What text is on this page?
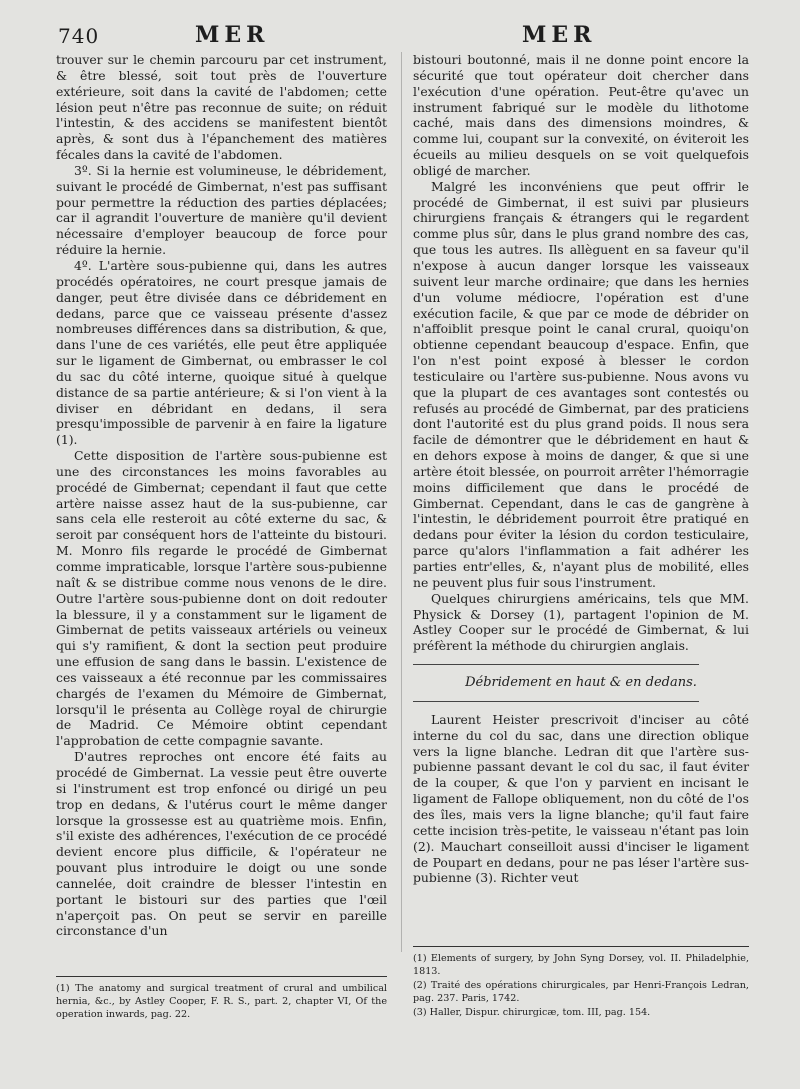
740	MER	MER

trouver sur le chemin parcouru par cet instrument, & être blessé, soit tout près de l'ouverture extérieure, soit dans la cavité de l'abdomen; cette lésion peut n'être pas reconnue de suite; on réduit l'intestin, & des accidens se manifestent bientôt après, & sont dus à l'épanchement des matières fécales dans la cavité de l'abdomen.

3º. Si la hernie est volumineuse, le débridement, suivant le procédé de Gimbernat, n'est pas suffisant pour permettre la réduction des parties déplacées; car il agrandit l'ouverture de manière qu'il devient nécessaire d'employer beaucoup de force pour réduire la hernie.

4º. L'artère sous-pubienne qui, dans les autres procédés opératoires, ne court presque jamais de danger, peut être divisée dans ce débridement en dedans, parce que ce vaisseau présente d'assez nombreuses différences dans sa distribution, & que, dans l'une de ces variétés, elle peut être appliquée sur le ligament de Gimbernat, ou embrasser le col du sac du côté interne, quoique situé à quelque distance de sa partie antérieure; & si l'on vient à la diviser en débridant en dedans, il sera presqu'impossible de parvenir à en faire la ligature (1).

Cette disposition de l'artère sous-pubienne est une des circonstances les moins favorables au procédé de Gimbernat; cependant il faut que cette artère naisse assez haut de la sus-pubienne, car sans cela elle resteroit au côté externe du sac, & seroit par conséquent hors de l'atteinte du bistouri. M. Monro fils regarde le procédé de Gimbernat comme impraticable, lorsque l'artère sous-pubienne naît & se distribue comme nous venons de le dire. Outre l'artère sous-pubienne dont on doit redouter la blessure, il y a constamment sur le ligament de Gimbernat de petits vaisseaux artériels ou veineux qui s'y ramifient, & dont la section peut produire une effusion de sang dans le bassin. L'existence de ces vaisseaux a été reconnue par les commissaires chargés de l'examen du Mémoire de Gimbernat, lorsqu'il le présenta au Collège royal de chirurgie de Madrid. Ce Mémoire obtint cependant l'approbation de cette compagnie savante.

D'autres reproches ont encore été faits au procédé de Gimbernat. La vessie peut être ouverte si l'instrument est trop enfoncé ou dirigé un peu trop en dedans, & l'utérus court le même danger lorsque la grossesse est au quatrième mois. Enfin, s'il existe des adhérences, l'exécution de ce procédé devient encore plus difficile, & l'opérateur ne pouvant plus introduire le doigt ou une sonde cannelée, doit craindre de blesser l'intestin en portant le bistouri sur des parties que l'œil n'aperçoit pas. On peut se servir en pareille circonstance d'un

bistouri boutonné, mais il ne donne point encore la sécurité que tout opérateur doit chercher dans l'exécution d'une opération. Peut-être qu'avec un instrument fabriqué sur le modèle du lithotome caché, mais dans des dimensions moindres, & comme lui, coupant sur la convexité, on éviteroit les écueils au milieu desquels on se voit quelquefois obligé de marcher.

Malgré les inconvéniens que peut offrir le procédé de Gimbernat, il est suivi par plusieurs chirurgiens français & étrangers qui le regardent comme plus sûr, dans le plus grand nombre des cas, que tous les autres. Ils allèguent en sa faveur qu'il n'expose à aucun danger lorsque les vaisseaux suivent leur marche ordinaire; que dans les hernies d'un volume médiocre, l'opération est d'une exécution facile, & que par ce mode de débrider on n'affoiblit presque point le canal crural, quoiqu'on obtienne cependant beaucoup d'espace. Enfin, que l'on n'est point exposé à blesser le cordon testiculaire ou l'artère sus-pubienne. Nous avons vu que la plupart de ces avantages sont contestés ou refusés au procédé de Gimbernat, par des praticiens dont l'autorité est du plus grand poids. Il nous sera facile de démontrer que le débridement en haut & en dehors expose à moins de danger, & que si une artère étoit blessée, on pourroit arrêter l'hémorragie moins difficilement que dans le procédé de Gimbernat. Cependant, dans le cas de gangrène à l'intestin, le débridement pourroit être pratiqué en dedans pour éviter la lésion du cordon testiculaire, parce qu'alors l'inflammation a fait adhérer les parties entr'elles, &, n'ayant plus de mobilité, elles ne peuvent plus fuir sous l'instrument.

Quelques chirurgiens américains, tels que MM. Physick & Dorsey (1), partagent l'opinion de M. Astley Cooper sur le procédé de Gimbernat, & lui préfèrent la méthode du chirurgien anglais.

Débridement en haut & en dedans.

Laurent Heister prescrivoit d'inciser au côté interne du col du sac, dans une direction oblique vers la ligne blanche. Ledran dit que l'artère sus-pubienne passant devant le col du sac, il faut éviter de la couper, & que l'on y parvient en incisant le ligament de Fallope obliquement, non du côté de l'os des îles, mais vers la ligne blanche; qu'il faut faire cette incision très-petite, le vaisseau n'étant pas loin (2). Mauchart conseilloit aussi d'inciser le ligament de Poupart en dedans, pour ne pas léser l'artère sus-pubienne (3). Richter veut

(1) The anatomy and surgical treatment of crural and umbilical hernia, &c., by Astley Cooper, F. R. S., part. 2, chapter VI, Of the operation inwards, pag. 22.

(1) Elements of surgery, by John Syng Dorsey, vol. II. Philadelphie, 1813.

(2) Traité des opérations chirurgicales, par Henri-François Ledran, pag. 237. Paris, 1742.

(3) Haller, Dispur. chirurgicæ, tom. III, pag. 154.
